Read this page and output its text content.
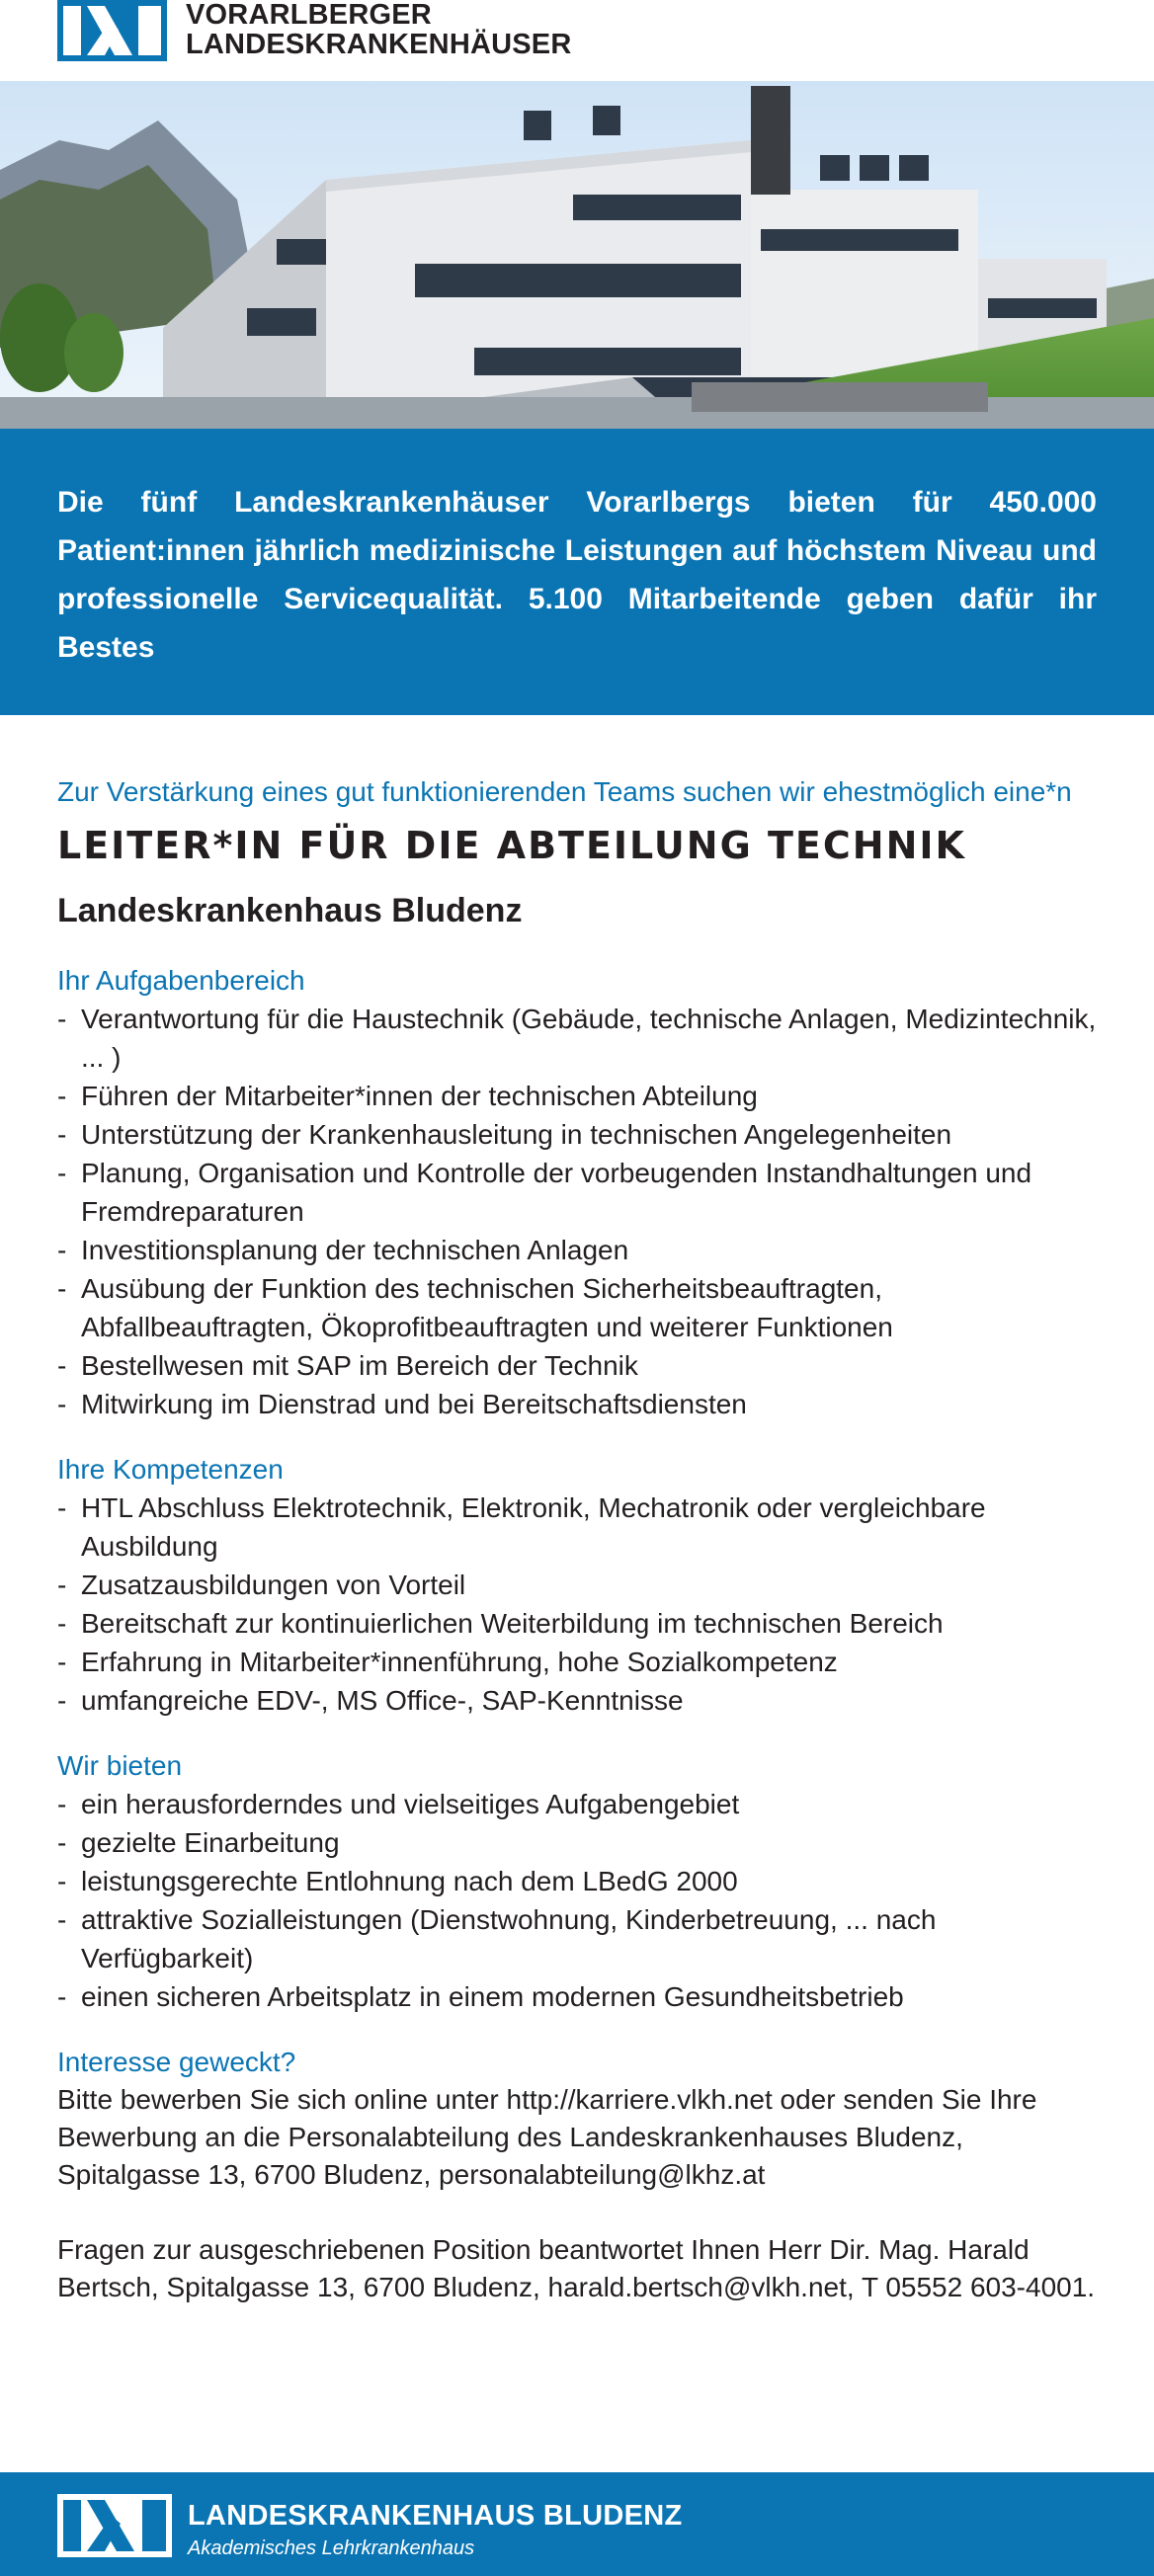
VORARLBERGER
LANDESKRANKENHÄUSER

Die fünf Landeskrankenhäuser Vorarlbergs bieten für 450.000 Patient:innen jährlich medizinische Leistungen auf höchstem Niveau und professionelle Servicequalität. 5.100 Mitarbeitende geben dafür ihr Bestes

Zur Verstärkung eines gut funktionierenden Teams suchen wir ehestmöglich eine*n

LEITER*IN FÜR DIE ABTEILUNG TECHNIK
Landeskrankenhaus Bludenz

Ihr Aufgabenbereich

- Verantwortung für die Haustechnik (Gebäude, technische Anlagen, Medizintechnik, ... )
- Führen der Mitarbeiter*innen der technischen Abteilung
- Unterstützung der Krankenhausleitung in technischen Angelegenheiten
- Planung, Organisation und Kontrolle der vorbeugenden Instandhaltungen und Fremdreparaturen
- Investitionsplanung der technischen Anlagen
- Ausübung der Funktion des technischen Sicherheitsbeauftragten, Abfallbeauftragten, Ökoprofitbeauftragten und weiterer Funktionen
- Bestellwesen mit SAP im Bereich der Technik
- Mitwirkung im Dienstrad und bei Bereitschaftsdiensten

Ihre Kompetenzen

- HTL Abschluss Elektrotechnik, Elektronik, Mechatronik oder vergleichbare Ausbildung
- Zusatzausbildungen von Vorteil
- Bereitschaft zur kontinuierlichen Weiterbildung im technischen Bereich
- Erfahrung in Mitarbeiter*innenführung, hohe Sozialkompetenz
- umfangreiche EDV-, MS Office-, SAP-Kenntnisse

Wir bieten

- ein herausforderndes und vielseitiges Aufgabengebiet
- gezielte Einarbeitung
- leistungsgerechte Entlohnung nach dem LBedG 2000
- attraktive Sozialleistungen (Dienstwohnung, Kinderbetreuung, ... nach Verfügbarkeit)
- einen sicheren Arbeitsplatz in einem modernen Gesundheitsbetrieb

Interesse geweckt?

Bitte bewerben Sie sich online unter http://karriere.vlkh.net oder senden Sie Ihre Bewerbung an die Personalabteilung des Landeskrankenhauses Bludenz, Spitalgasse 13, 6700 Bludenz, personalabteilung@lkhz.at

Fragen zur ausgeschriebenen Position beantwortet Ihnen Herr Dir. Mag. Harald Bertsch, Spitalgasse 13, 6700 Bludenz, harald.bertsch@vlkh.net, T 05552 603-4001.

LANDESKRANKENHAUS BLUDENZ
Akademisches Lehrkrankenhaus
